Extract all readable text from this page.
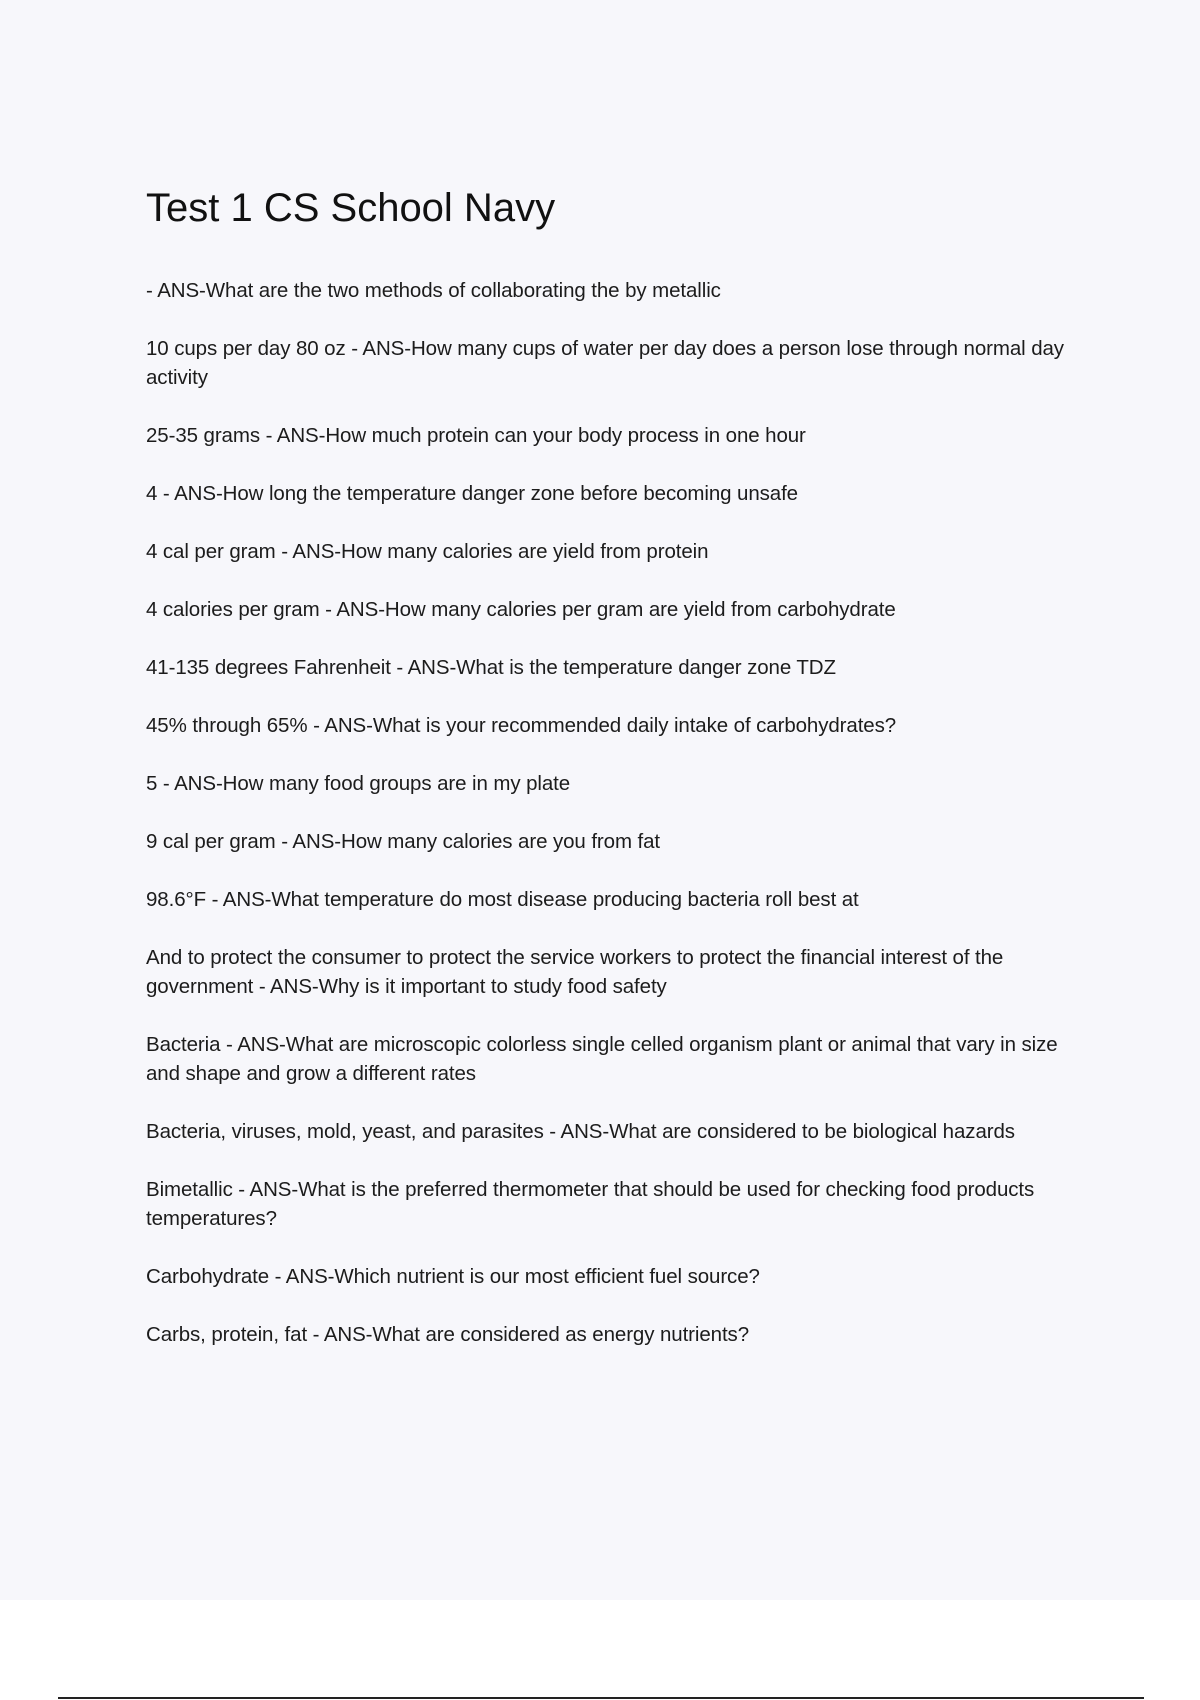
Test 1 CS School Navy
- ANS-What are the two methods of collaborating the by metallic
10 cups per day 80 oz - ANS-How many cups of water per day does a person lose through normal day activity
25-35 grams - ANS-How much protein can your body process in one hour
4 - ANS-How long the temperature danger zone before becoming unsafe
4 cal per gram - ANS-How many calories are yield from protein
4 calories per gram - ANS-How many calories per gram are yield from carbohydrate
41-135 degrees Fahrenheit - ANS-What is the temperature danger zone TDZ
45% through 65% - ANS-What is your recommended daily intake of carbohydrates?
5 - ANS-How many food groups are in my plate
9 cal per gram - ANS-How many calories are you from fat
98.6°F - ANS-What temperature do most disease producing bacteria roll best at
And to protect the consumer to protect the service workers to protect the financial interest of the government - ANS-Why is it important to study food safety
Bacteria - ANS-What are microscopic colorless single celled organism plant or animal that vary in size and shape and grow a different rates
Bacteria, viruses, mold, yeast, and parasites - ANS-What are considered to be biological hazards
Bimetallic - ANS-What is the preferred thermometer that should be used for checking food products temperatures?
Carbohydrate - ANS-Which nutrient is our most efficient fuel source?
Carbs, protein, fat - ANS-What are considered as energy nutrients?
